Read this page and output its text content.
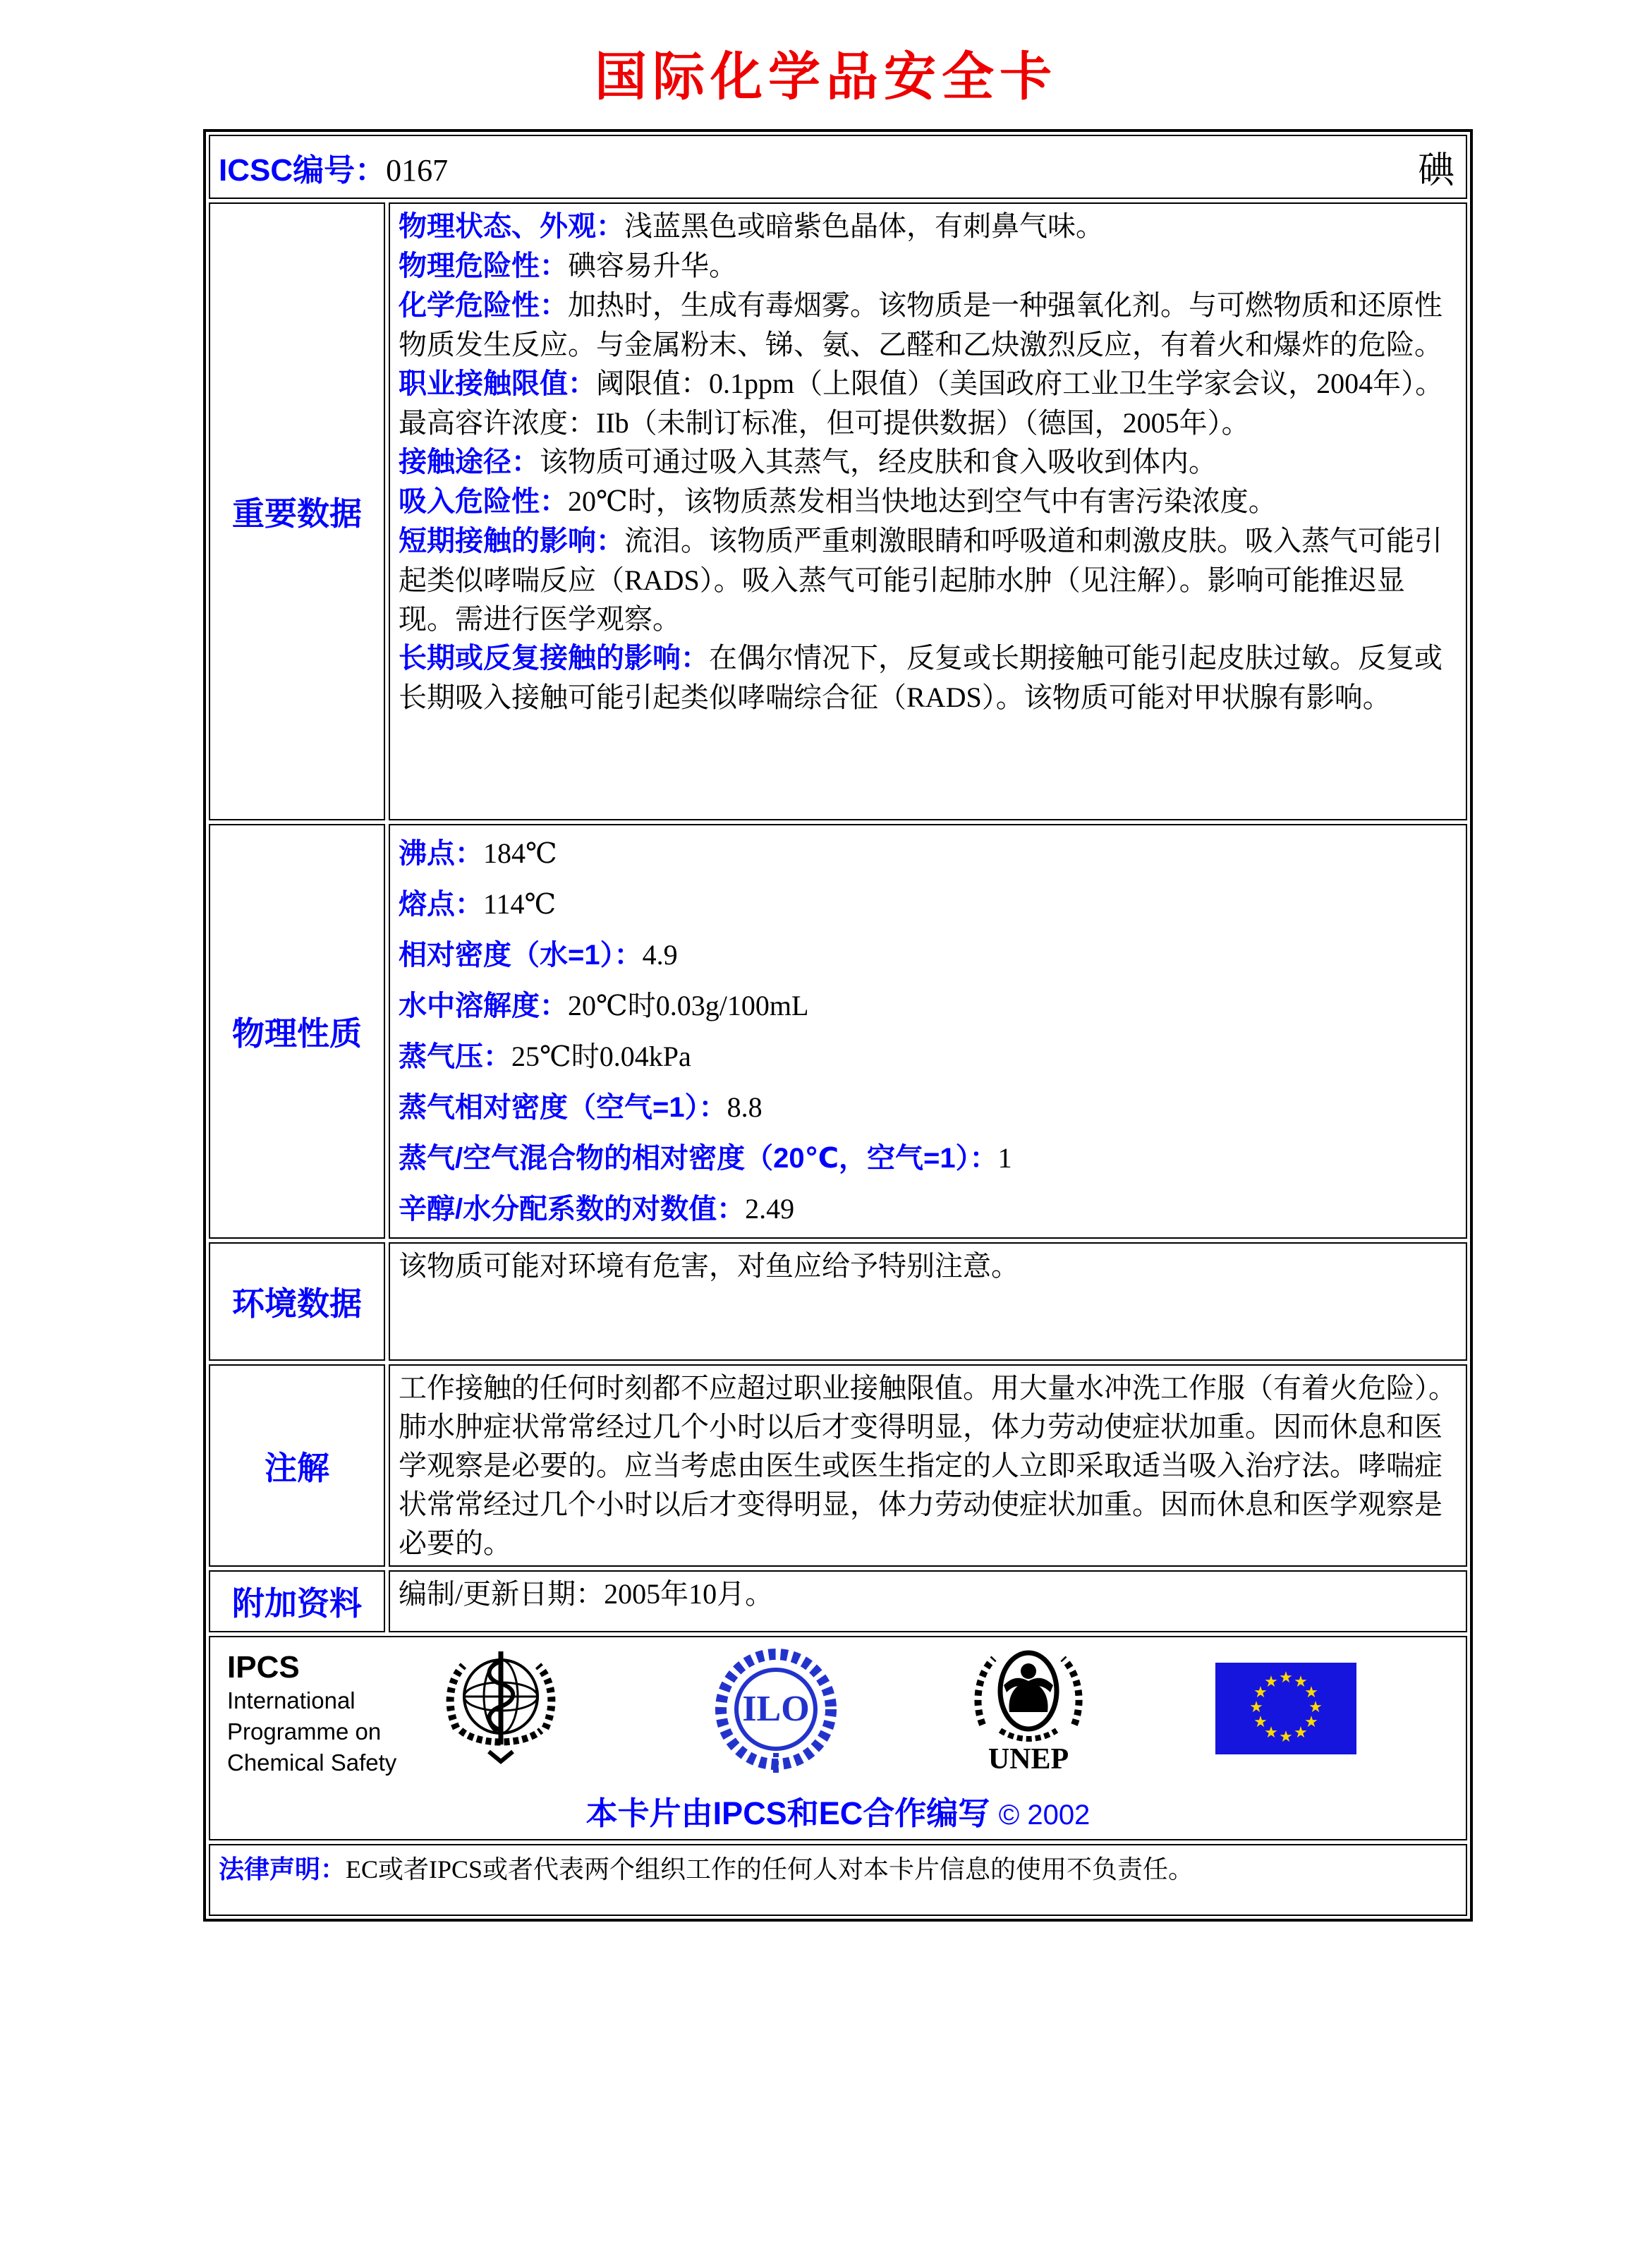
国际化学品安全卡
ICSC编号：0167	碘
重要数据
物理状态、外观：浅蓝黑色或暗紫色晶体，有刺鼻气味。
物理危险性：碘容易升华。
化学危险性：加热时，生成有毒烟雾。该物质是一种强氧化剂。与可燃物质和还原性物质发生反应。与金属粉末、锑、氨、乙醛和乙炔激烈反应，有着火和爆炸的危险。
职业接触限值：阈限值：0.1ppm（上限值）（美国政府工业卫生学家会议，2004年）。最高容许浓度：IIb（未制订标准，但可提供数据）（德国，2005年）。
接触途径：该物质可通过吸入其蒸气，经皮肤和食入吸收到体内。
吸入危险性：20℃时，该物质蒸发相当快地达到空气中有害污染浓度。
短期接触的影响：流泪。该物质严重刺激眼睛和呼吸道和刺激皮肤。吸入蒸气可能引起类似哮喘反应（RADS）。吸入蒸气可能引起肺水肿（见注解）。影响可能推迟显现。需进行医学观察。
长期或反复接触的影响：在偶尔情况下，反复或长期接触可能引起皮肤过敏。反复或长期吸入接触可能引起类似哮喘综合征（RADS）。该物质可能对甲状腺有影响。
物理性质
沸点：184℃
熔点：114℃
相对密度（水=1）：4.9
水中溶解度：20℃时0.03g/100mL
蒸气压：25℃时0.04kPa
蒸气相对密度（空气=1）：8.8
蒸气/空气混合物的相对密度（20℃，空气=1）：1
辛醇/水分配系数的对数值：2.49
环境数据
该物质可能对环境有危害，对鱼应给予特别注意。
注解
工作接触的任何时刻都不应超过职业接触限值。用大量水冲洗工作服（有着火危险）。肺水肿症状常常经过几个小时以后才变得明显，体力劳动使症状加重。因而休息和医学观察是必要的。应当考虑由医生或医生指定的人立即采取适当吸入治疗法。哮喘症状常常经过几个小时以后才变得明显，体力劳动使症状加重。因而休息和医学观察是必要的。
附加资料	编制/更新日期：2005年10月。
IPCS
International
Programme on
Chemical Safety
ILO
UNEP
★ ★
★
★
★
★
★
★
★
★
★
★
本卡片由IPCS和EC合作编写 © 2002
法律声明：EC或者IPCS或者代表两个组织工作的任何人对本卡片信息的使用不负责任。
